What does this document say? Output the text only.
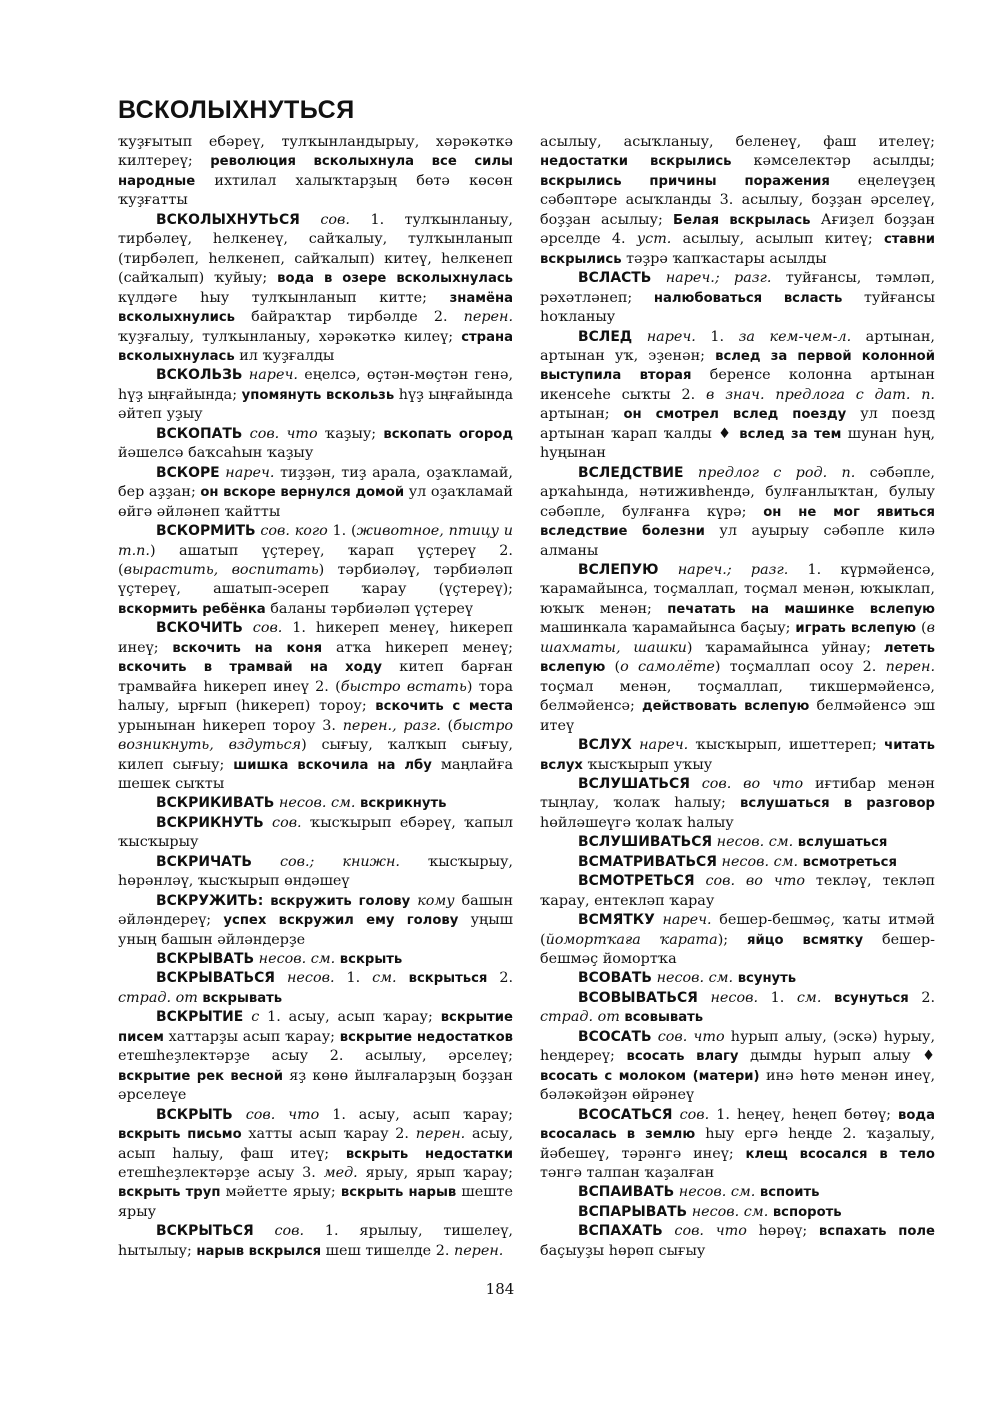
ВСКОЛЫХНУТЬСЯ

ҡуҙғытып ебәреү, тулҡынландырыу, хәрәкәткә килтереү; революция всколыхнула все силы народные ихтилал халыҡтарҙың бөтә көсөн ҡуҙғатты

ВСКОЛЫХНУТЬСЯ сов. 1. тулҡынланыу, тирбәлеү, һелкенеү, сайҡалыу, тулҡынланып (тирбәлеп, һелкенеп, сайҡалып) китеү, һелкенеп (сайҡалып) ҡуйыу; вода в озере всколыхнулась күлдәге һыу тулҡынланып китте; знамёна всколыхнулись байраҡтар тирбәлде 2. перен. ҡуҙғалыу, тулҡынланыу, хәрәкәткә килеү; страна всколыхнулась ил ҡуҙғалды

ВСКОЛЬЗЬ нареч. еңелсә, өҫтән-мөҫтән генә, һүҙ ыңғайында; упомянуть вскользь һүҙ ыңғайында әйтеп уҙыу

ВСКОПАТЬ сов. что ҡаҙыу; вскопать огород йәшелсә баҡсаһын ҡаҙыу

ВСКОРЕ нареч. тиҙҙән, тиҙ арала, оҙаҡламай, бер аҙҙан; он вскоре вернулся домой ул оҙаҡламай өйгә әйләнеп ҡайтты

ВСКОРМИТЬ сов. кого 1. (животное, птицу и т.п.) ашатып үҫтереү, ҡарап үҫтереү 2. (вырастить, воспитать) тәрбиәләү, тәрбиәләп үҫтереү, ашатып-эсереп ҡарау (үҫтереү); вскормить ребёнка баланы тәрбиәләп үҫтереү

ВСКОЧИТЬ сов. 1. һикереп менеү, һикереп инеү; вскочить на коня атҡа һикереп менеү; вскочить в трамвай на ходу китеп барған трамвайға һикереп инеү 2. (быстро встать) тора һалыу, ырғып (һикереп) тороу; вскочить с места урынынан һикереп тороу 3. перен., разг. (быстро возникнуть, вздуться) сығыу, ҡалҡып сығыу, килеп сығыу; шишка вскочила на лбу маңлайға шешек сыҡты

ВСКРИКИВАТЬ несов. см. вскрикнуть

ВСКРИКНУТЬ сов. ҡысҡырып ебәреү, ҡапыл ҡысҡырыу

ВСКРИЧАТЬ сов.; книжн. ҡысҡырыу, һөрәнләү, ҡысҡырып өндәшеү

ВСКРУЖИТЬ: вскружить голову кому башын әйләндереү; успех вскружил ему голову уңыш уның башын әйләндерҙе

ВСКРЫВАТЬ несов. см. вскрыть

ВСКРЫВАТЬСЯ несов. 1. см. вскрыться 2. страд. от вскрывать

ВСКРЫТИЕ с 1. асыу, асып ҡарау; вскрытие писем хаттарҙы асып ҡарау; вскрытие недостатков етешһеҙлектәрҙе асыу 2. асылыу, әрселеү; вскрытие рек весной яҙ көнө йылғаларҙың боҙҙан әрселеүе

ВСКРЫТЬ сов. что 1. асыу, асып ҡарау; вскрыть письмо хатты асып ҡарау 2. перен. асыу, асып һалыу, фаш итеү; вскрыть недостатки етешһеҙлектәрҙе асыу 3. мед. ярыу, ярып ҡарау; вскрыть труп мәйетте ярыу; вскрыть нарыв шеште ярыу

ВСКРЫТЬСЯ сов. 1. ярылыу, тишелеү, һытылыу; нарыв вскрылся шеш тишелде 2. перен.

асылыу, асыҡланыу, беленеү, фаш ителеү; недостатки вскрылись кәмселектәр асылды; вскрылись причины поражения еңелеүҙең сәбәптәре асыҡланды 3. асылыу, боҙҙан әрселеү, боҙҙан асылыу; Белая вскрылась Ағиҙел боҙҙан әрселде 4. уст. асылыу, асылып китеү; ставни вскрылись тәҙрә ҡапҡастары асылды

ВСЛАСТЬ нареч.; разг. туйғансы, тәмләп, рәхәтләнеп; налюбоваться всласть туйғансы һоҡланыу

ВСЛЕД нареч. 1. за кем-чем-л. артынан, артынан уҡ, эҙенән; вслед за первой колонной выступила вторая беренсе колонна артынан икенсеһе сыҡты 2. в знач. предлога с дат. п. артынан; он смотрел вслед поезду ул поезд артынан ҡарап ҡалды ♦ вслед за тем шунан һуң, һуңынан

ВСЛЕДСТВИЕ предлог с род. п. сәбәпле, арҡаһында, нәтиживһендә, булғанлыҡтан, булыу сәбәпле, булғанға күрә; он не мог явиться вследствие болезни ул ауырыу сәбәпле килә алманы

ВСЛЕПУЮ нареч.; разг. 1. күрмәйенсә, ҡарамайынса, тоҫмаллап, тоҫмал менән, юҡыклап, юҡыҡ менән; печатать на машинке вслепую машинкала ҡарамайынса баҫыу; играть вслепую (в шахматы, шашки) ҡарамайынса уйнау; лететь вслепую (о самолёте) тоҫмаллап осоу 2. перен. тоҫмал менән, тоҫмаллап, тикшермәйенсә, белмәйенсә; действовать вслепую белмәйенсә эш итеү

ВСЛУХ нареч. ҡысҡырып, ишеттереп; читать вслух ҡысҡырып уҡыу

ВСЛУШАТЬСЯ сов. во что иғтибар менән тыңлау, ҡолаҡ һалыу; вслушаться в разговор һөйләшеүгә ҡолаҡ һалыу

ВСЛУШИВАТЬСЯ несов. см. вслушаться

ВСМАТРИВАТЬСЯ несов. см. всмотреться

ВСМОТРЕТЬСЯ сов. во что текләү, текләп ҡарау, ентекләп ҡарау

ВСМЯТКУ нареч. бешер-бешмәҫ, ҡаты итмәй (йомортҡаға ҡарата); яйцо всмятку бешер-бешмәҫ йомортҡа

ВСОВАТЬ несов. см. всунуть

ВСОВЫВАТЬСЯ несов. 1. см. всунуться 2. страд. от всовывать

ВСОСАТЬ сов. что һурып алыу, (эскә) һурыу, һеңдереү; всосать влагу дымды һурып алыу ♦ всосать с молоком (матери) инә һөтө менән инеү, бәләкәйҙән өйрәнеү

ВСОСАТЬСЯ сов. 1. һеңеү, һеңеп бөтөү; вода всосалась в землю һыу ергә һеңде 2. ҡаҙалыу, йәбешеү, тәрәнгә инеү; клещ всосался в тело тәнгә талпан ҡаҙалған

ВСПАИВАТЬ несов. см. вспоить

ВСПАРЫВАТЬ несов. см. вспороть

ВСПАХАТЬ сов. что һөрөү; вспахать поле баҫыуҙы һөрөп сығыу

184
